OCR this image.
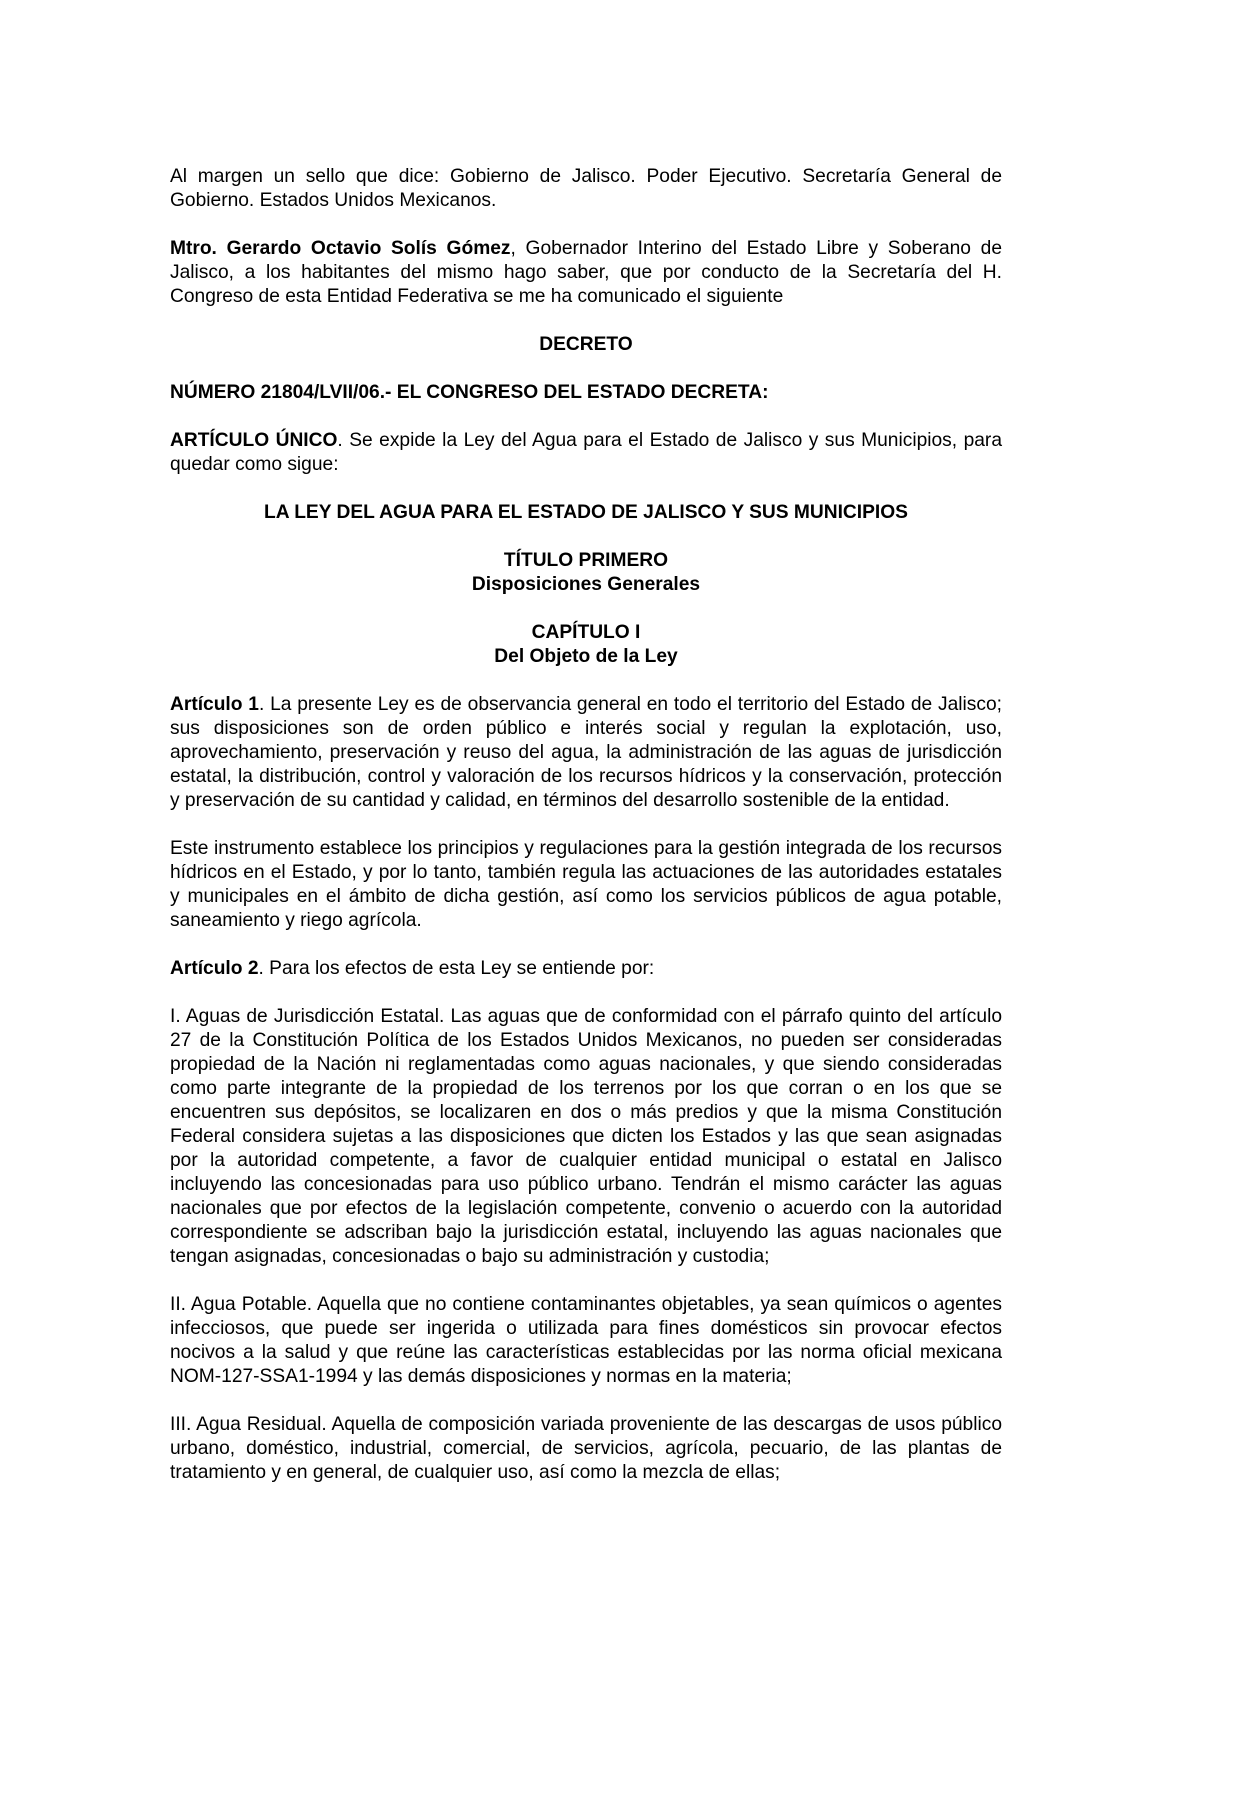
Al margen un sello que dice: Gobierno de Jalisco. Poder Ejecutivo. Secretaría General de Gobierno. Estados Unidos Mexicanos.

Mtro. Gerardo Octavio Solís Gómez, Gobernador Interino del Estado Libre y Soberano de Jalisco, a los habitantes del mismo hago saber, que por conducto de la Secretaría del H. Congreso de esta Entidad Federativa se me ha comunicado el siguiente

DECRETO

NÚMERO 21804/LVII/06.- EL CONGRESO DEL ESTADO DECRETA:

ARTÍCULO ÚNICO. Se expide la Ley del Agua para el Estado de Jalisco y sus Municipios, para quedar como sigue:

LA LEY DEL AGUA PARA EL ESTADO DE JALISCO Y SUS MUNICIPIOS

TÍTULO PRIMERO
Disposiciones Generales
CAPÍTULO I
Del Objeto de la Ley

Artículo 1. La presente Ley es de observancia general en todo el territorio del Estado de Jalisco; sus disposiciones son de orden público e interés social y regulan la explotación, uso, aprovechamiento, preservación y reuso del agua, la administración de las aguas de jurisdicción estatal, la distribución, control y valoración de los recursos hídricos y la conservación, protección y preservación de su cantidad y calidad, en términos del desarrollo sostenible de la entidad.

Este instrumento establece los principios y regulaciones para la gestión integrada de los recursos hídricos en el Estado, y por lo tanto, también regula las actuaciones de las autoridades estatales y municipales en el ámbito de dicha gestión, así como los servicios públicos de agua potable, saneamiento y riego agrícola.

Artículo 2. Para los efectos de esta Ley se entiende por:

I. Aguas de Jurisdicción Estatal. Las aguas que de conformidad con el párrafo quinto del artículo 27 de la Constitución Política de los Estados Unidos Mexicanos, no pueden ser consideradas propiedad de la Nación ni reglamentadas como aguas nacionales, y que siendo consideradas como parte integrante de la propiedad de los terrenos por los que corran o en los que se encuentren sus depósitos, se localizaren en dos o más predios y que la misma Constitución Federal considera sujetas a las disposiciones que dicten los Estados y las que sean asignadas por la autoridad competente, a favor de cualquier entidad municipal o estatal en Jalisco incluyendo las concesionadas para uso público urbano. Tendrán el mismo carácter las aguas nacionales que por efectos de la legislación competente, convenio o acuerdo con la autoridad correspondiente se adscriban bajo la jurisdicción estatal, incluyendo las aguas nacionales que tengan asignadas, concesionadas o bajo su administración y custodia;

II. Agua Potable. Aquella que no contiene contaminantes objetables, ya sean químicos o agentes infecciosos, que puede ser ingerida o utilizada para fines domésticos sin provocar efectos nocivos a la salud y que reúne las características establecidas por las norma oficial mexicana NOM-127-SSA1-1994 y las demás disposiciones y normas en la materia;

III. Agua Residual. Aquella de composición variada proveniente de las descargas de usos público urbano, doméstico, industrial, comercial, de servicios, agrícola, pecuario, de las plantas de tratamiento y en general, de cualquier uso, así como la mezcla de ellas;
